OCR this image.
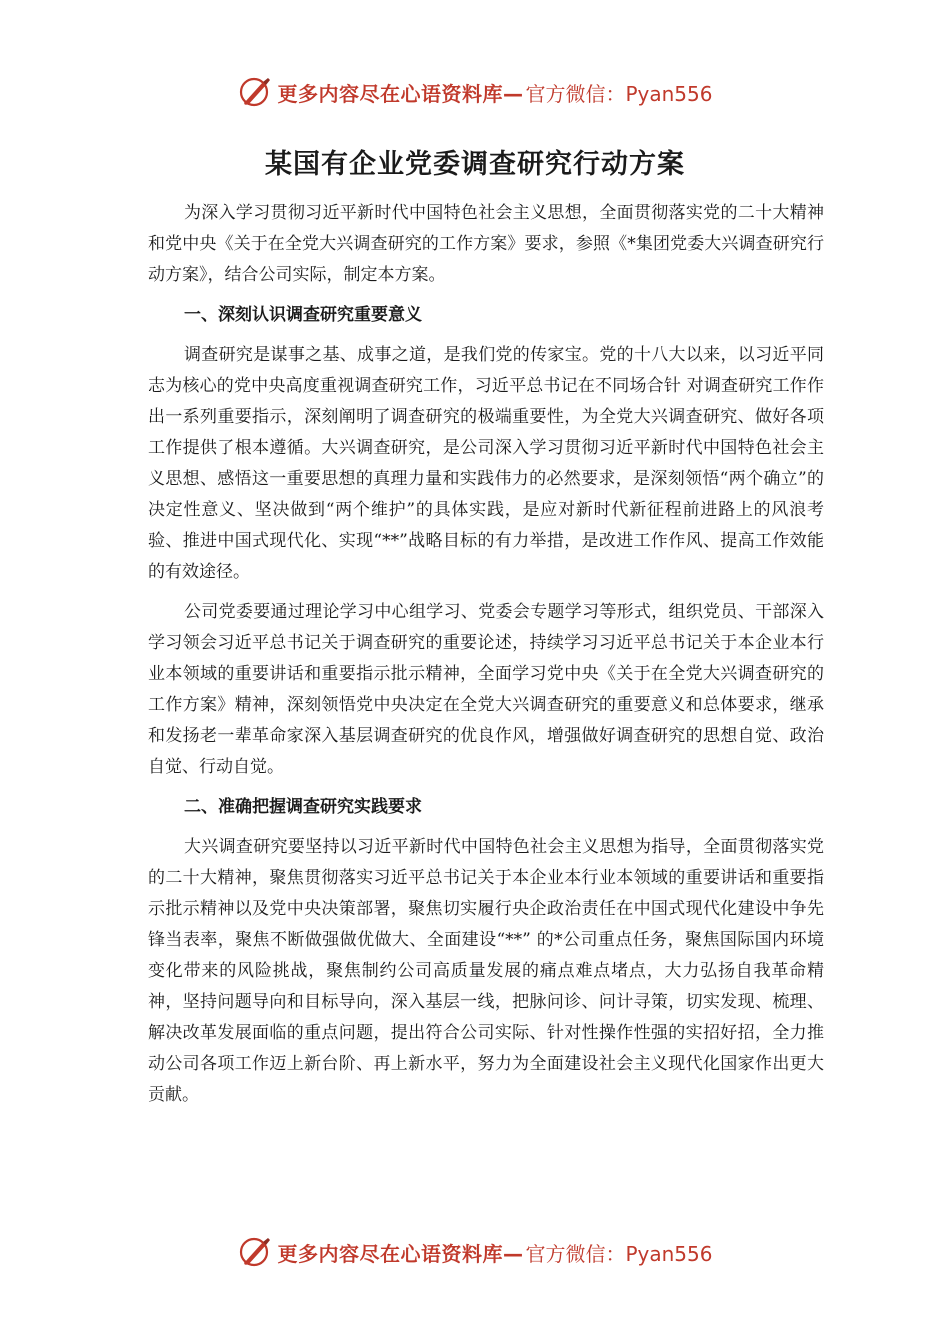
更多内容尽在心语资料库— 官方微信：Pyan556
某国有企业党委调查研究行动方案

为深入学习贯彻习近平新时代中国特色社会主义思想，全面贯彻落实党的二十大精神和党中央《关于在全党大兴调查研究的工作方案》要求，参照《*集团党委大兴调查研究行动方案》，结合公司实际，制定本方案。

一、深刻认识调查研究重要意义

调查研究是谋事之基、成事之道，是我们党的传家宝。党的十八大以来，以习近平同志为核心的党中央高度重视调查研究工作，习近平总书记在不同场合针 对调查研究工作作出一系列重要指示，深刻阐明了调查研究的极端重要性，为全党大兴调查研究、做好各项工作提供了根本遵循。大兴调查研究，是公司深入学习贯彻习近平新时代中国特色社会主义思想、感悟这一重要思想的真理力量和实践伟力的必然要求，是深刻领悟“两个确立”的决定性意义、坚决做到“两个维护”的具体实践，是应对新时代新征程前进路上的风浪考验、推进中国式现代化、实现“**”战略目标的有力举措，是改进工作作风、提高工作效能的有效途径。

公司党委要通过理论学习中心组学习、党委会专题学习等形式，组织党员、干部深入学习领会习近平总书记关于调查研究的重要论述，持续学习习近平总书记关于本企业本行业本领域的重要讲话和重要指示批示精神，全面学习党中央《关于在全党大兴调查研究的工作方案》精神，深刻领悟党中央决定在全党大兴调查研究的重要意义和总体要求，继承和发扬老一辈革命家深入基层调查研究的优良作风，增强做好调查研究的思想自觉、政治自觉、行动自觉。

二、准确把握调查研究实践要求

大兴调查研究要坚持以习近平新时代中国特色社会主义思想为指导，全面贯彻落实党的二十大精神，聚焦贯彻落实习近平总书记关于本企业本行业本领域的重要讲话和重要指示批示精神以及党中央决策部署，聚焦切实履行央企政治责任在中国式现代化建设中争先锋当表率，聚焦不断做强做优做大、全面建设“**” 的*公司重点任务，聚焦国际国内环境变化带来的风险挑战，聚焦制约公司高质量发展的痛点难点堵点，大力弘扬自我革命精神，坚持问题导向和目标导向，深入基层一线，把脉问诊、问计寻策，切实发现、梳理、解决改革发展面临的重点问题，提出符合公司实际、针对性操作性强的实招好招，全力推动公司各项工作迈上新台阶、再上新水平，努力为全面建设社会主义现代化国家作出更大贡献。

更多内容尽在心语资料库— 官方微信：Pyan556
